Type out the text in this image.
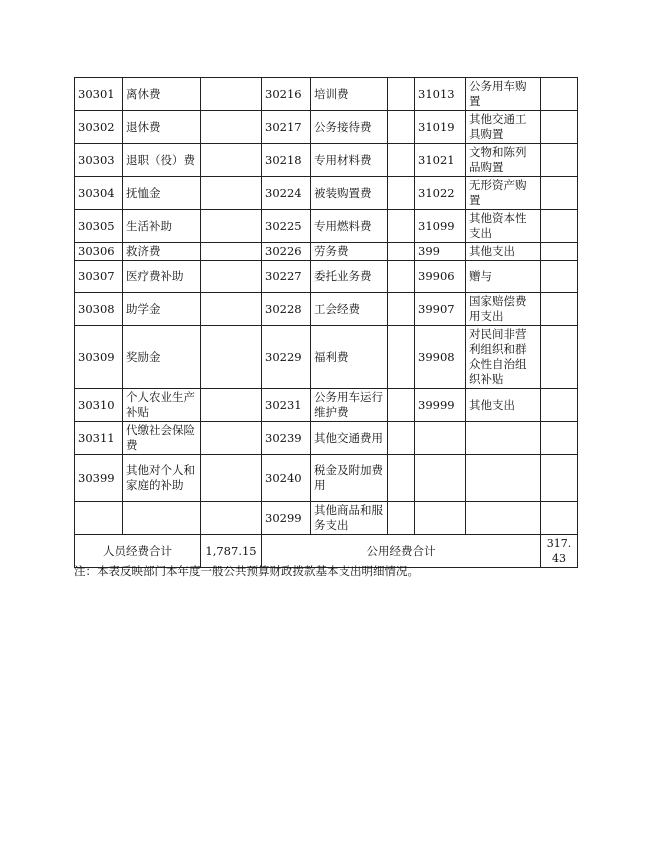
30301	离休费		30216	培训费		31013	公务用车购置	
30302	退休费		30217	公务接待费		31019	其他交通工具购置	
30303	退职（役）费		30218	专用材料费		31021	文物和陈列品购置	
30304	抚恤金		30224	被装购置费		31022	无形资产购置	
30305	生活补助		30225	专用燃料费		31099	其他资本性支出	
30306	救济费		30226	劳务费		399	其他支出	
30307	医疗费补助		30227	委托业务费		39906	赠与	
30308	助学金		30228	工会经费		39907	国家赔偿费用支出	
30309	奖励金		30229	福利费		39908	对民间非营利组织和群众性自治组织补贴	
30310	个人农业生产补贴		30231	公务用车运行维护费		39999	其他支出	
30311	代缴社会保险费		30239	其他交通费用				
30399	其他对个人和家庭的补助		30240	税金及附加费用				
			30299	其他商品和服务支出				
人员经费合计		1,787.15	公用经费合计					317.43
注：本表反映部门本年度一般公共预算财政拨款基本支出明细情况。
